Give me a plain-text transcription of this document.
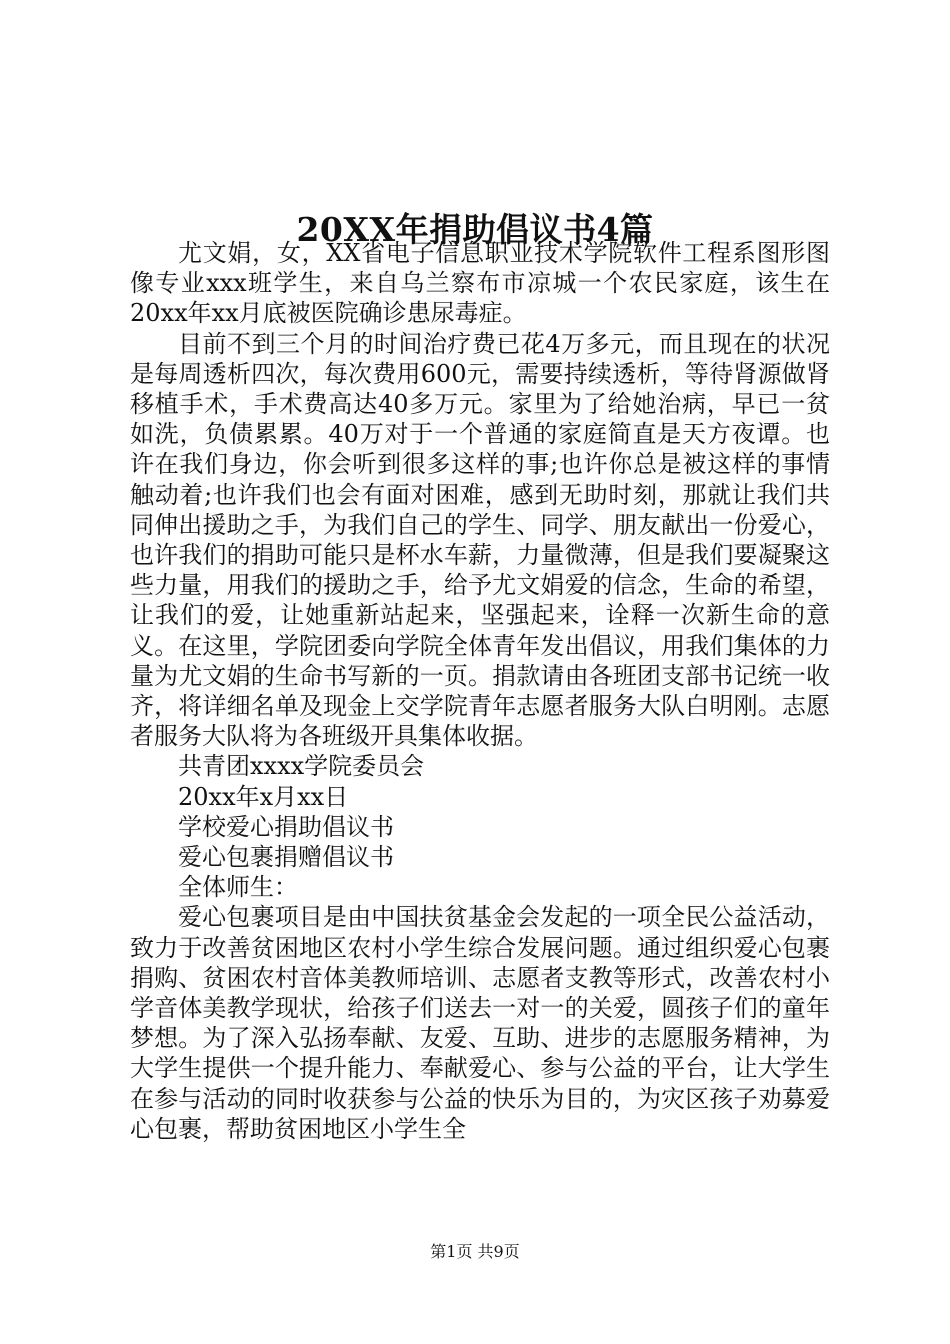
20XX年捐助倡议书4篇

尤文娟，女，XX省电子信息职业技术学院软件工程系图形图像专业xxx班学生，来自乌兰察布市凉城一个农民家庭，该生在20xx年xx月底被医院确诊患尿毒症。

目前不到三个月的时间治疗费已花4万多元，而且现在的状况是每周透析四次，每次费用600元，需要持续透析，等待肾源做肾移植手术，手术费高达40多万元。家里为了给她治病，早已一贫如洗，负债累累。40万对于一个普通的家庭简直是天方夜谭。也许在我们身边，你会听到很多这样的事;也许你总是被这样的事情触动着;也许我们也会有面对困难，感到无助时刻，那就让我们共同伸出援助之手，为我们自己的学生、同学、朋友献出一份爱心，也许我们的捐助可能只是杯水车薪，力量微薄，但是我们要凝聚这些力量，用我们的援助之手，给予尤文娟爱的信念，生命的希望，让我们的爱，让她重新站起来，坚强起来，诠释一次新生命的意义。在这里，学院团委向学院全体青年发出倡议，用我们集体的力量为尤文娟的生命书写新的一页。捐款请由各班团支部书记统一收齐，将详细名单及现金上交学院青年志愿者服务大队白明刚。志愿者服务大队将为各班级开具集体收据。

共青团xxxx学院委员会

20xx年x月xx日

学校爱心捐助倡议书

爱心包裹捐赠倡议书

全体师生：

爱心包裹项目是由中国扶贫基金会发起的一项全民公益活动，致力于改善贫困地区农村小学生综合发展问题。通过组织爱心包裹捐购、贫困农村音体美教师培训、志愿者支教等形式，改善农村小学音体美教学现状，给孩子们送去一对一的关爱，圆孩子们的童年梦想。为了深入弘扬奉献、友爱、互助、进步的志愿服务精神，为大学生提供一个提升能力、奉献爱心、参与公益的平台，让大学生在参与活动的同时收获参与公益的快乐为目的，为灾区孩子劝募爱心包裹，帮助贫困地区小学生全

第1页 共9页
